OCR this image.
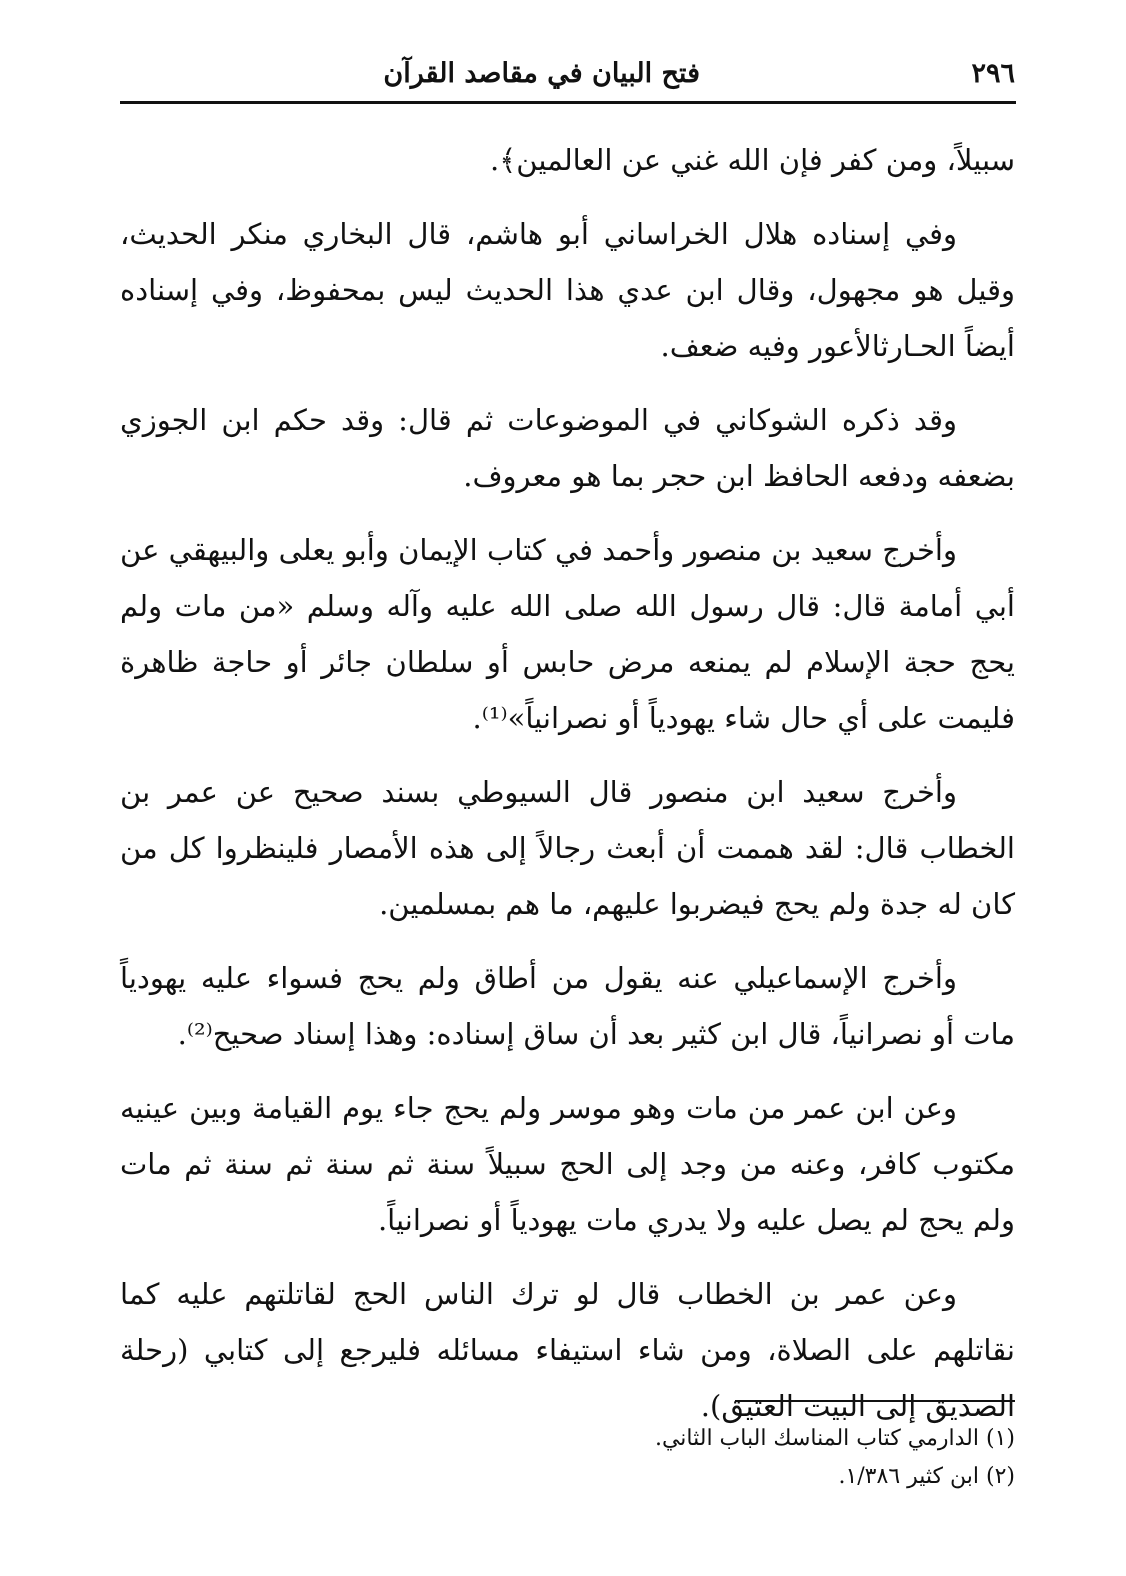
٢٩٦
فتح البيان في مقاصد القرآن

سبيلاً، ومن كفر فإن الله غني عن العالمين﴾.

وفي إسناده هلال الخراساني أبو هاشم، قال البخاري منكر الحديث، وقيل هو مجهول، وقال ابن عدي هذا الحديث ليس بمحفوظ، وفي إسناده أيضاً الحـارثالأعور وفيه ضعف.

وقد ذكره الشوكاني في الموضوعات ثم قال: وقد حكم ابن الجوزي بضعفه ودفعه الحافظ ابن حجر بما هو معروف.

وأخرج سعيد بن منصور وأحمد في كتاب الإيمان وأبو يعلى والبيهقي عن أبي أمامة قال: قال رسول الله صلى الله عليه وآله وسلم «من مات ولم يحج حجة الإسلام لم يمنعه مرض حابس أو سلطان جائر أو حاجة ظاهرة فليمت على أي حال شاء يهودياً أو نصرانياً»⁽¹⁾.

وأخرج سعيد ابن منصور قال السيوطي بسند صحيح عن عمر بن الخطاب قال: لقد هممت أن أبعث رجالاً إلى هذه الأمصار فلينظروا كل من كان له جدة ولم يحج فيضربوا عليهم، ما هم بمسلمين.

وأخرج الإسماعيلي عنه يقول من أطاق ولم يحج فسواء عليه يهودياً مات أو نصرانياً، قال ابن كثير بعد أن ساق إسناده: وهذا إسناد صحيح⁽²⁾.

وعن ابن عمر من مات وهو موسر ولم يحج جاء يوم القيامة وبين عينيه مكتوب كافر، وعنه من وجد إلى الحج سبيلاً سنة ثم سنة ثم سنة ثم مات ولم يحج لم يصل عليه ولا يدري مات يهودياً أو نصرانياً.

وعن عمر بن الخطاب قال لو ترك الناس الحج لقاتلتهم عليه كما نقاتلهم على الصلاة، ومن شاء استيفاء مسائله فليرجع إلى كتابي (رحلة الصديق إلى البيت العتيق).

(١) الدارمي كتاب المناسك الباب الثاني.

(٢) ابن كثير ١/٣٨٦.
